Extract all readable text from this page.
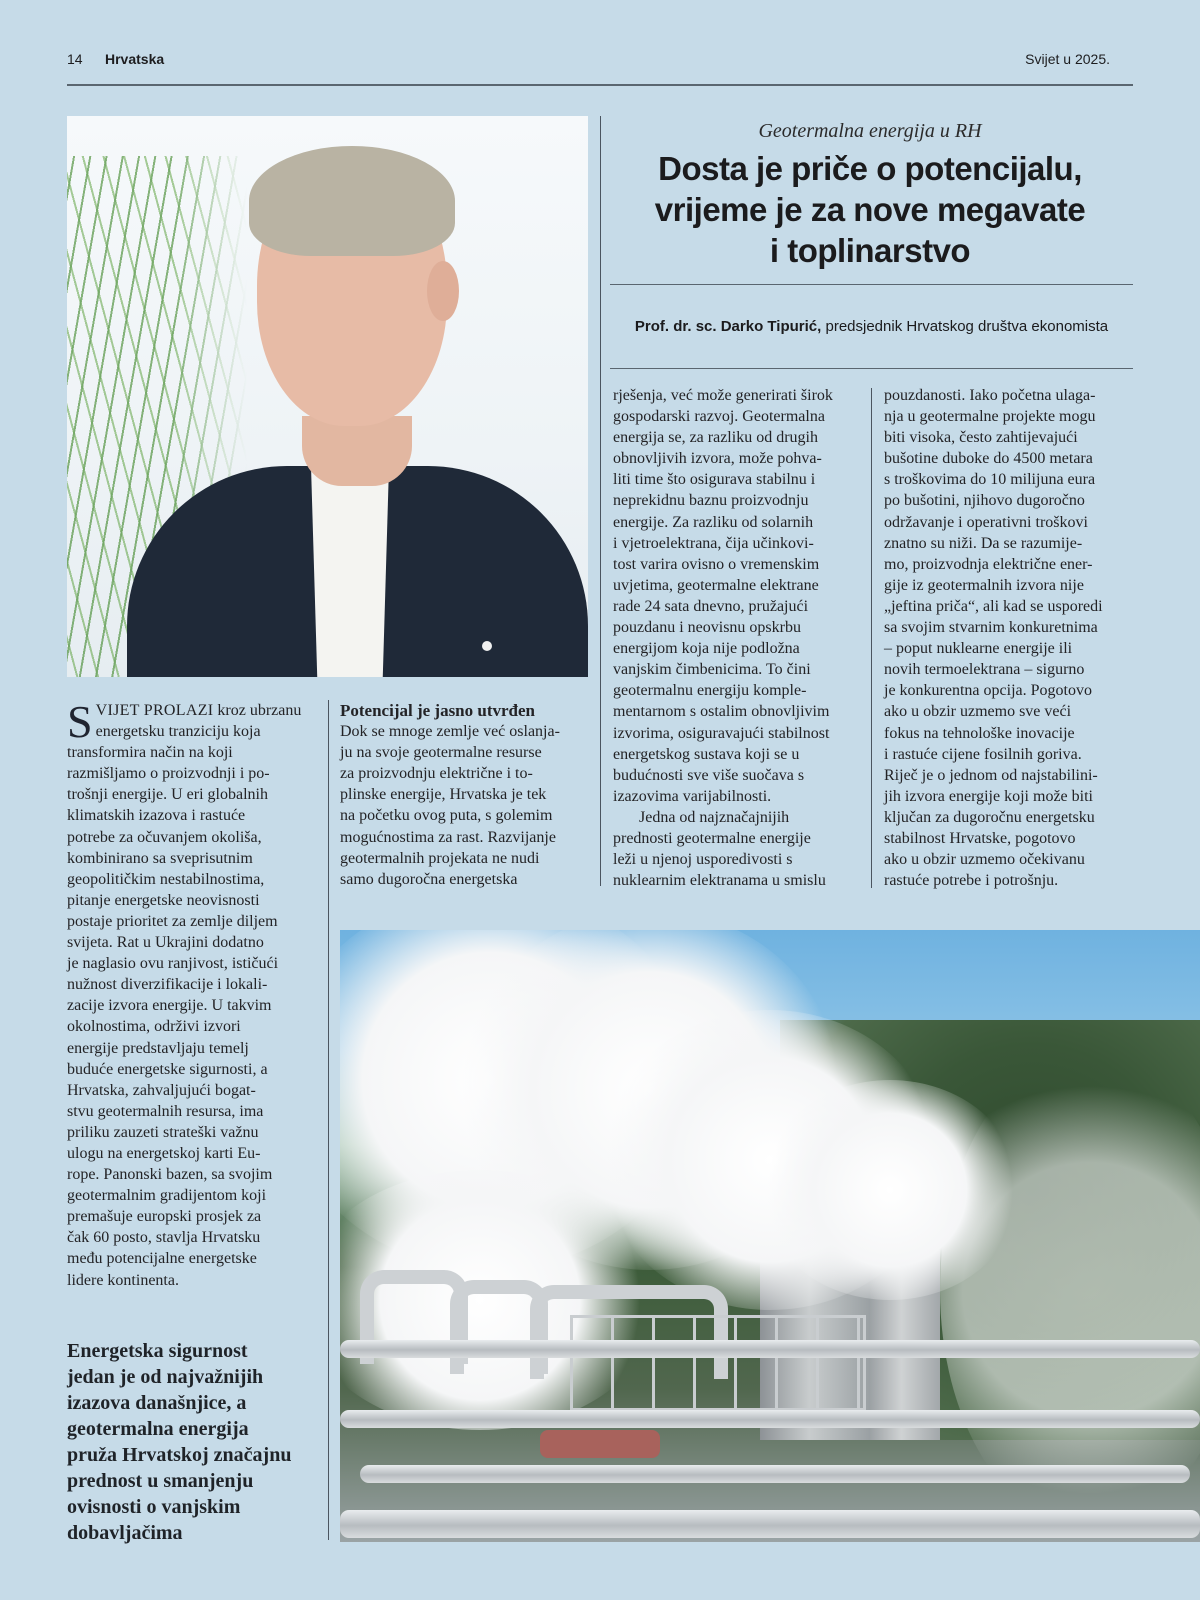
14 Hrvatska	Svijet u 2025.
Geotermalna energija u RH
Dosta je priče o potencijalu,
vrijeme je za nove megavate
i toplinarstvo
Prof. dr. sc. Darko Tipurić, predsjednik Hrvatskog društva ekonomista
S VIJET PROLAZI kroz ubrzanu
energetsku tranziciju koja
transformira način na koji
razmišljamo o proizvodnji i po-
trošnji energije. U eri globalnih
klimatskih izazova i rastuće
potrebe za očuvanjem okoliša,
kombinirano sa sveprisutnim
geopolitičkim nestabilnostima,
pitanje energetske neovisnosti
postaje prioritet za zemlje diljem
svijeta. Rat u Ukrajini dodatno
je naglasio ovu ranjivost, ističući
nužnost diverzifikacije i lokali-
zacije izvora energije. U takvim
okolnostima, održivi izvori
energije predstavljaju temelj
buduće energetske sigurnosti, a
Hrvatska, zahvaljujući bogat-
stvu geotermalnih resursa, ima
priliku zauzeti strateški važnu
ulogu na energetskoj karti Eu-
rope. Panonski bazen, sa svojim
geotermalnim gradijentom koji
premašuje europski prosjek za
čak 60 posto, stavlja Hrvatsku
među potencijalne energetske
lidere kontinenta.
Potencijal je jasno utvrđen
Dok se mnoge zemlje već oslanja-
ju na svoje geotermalne resurse
za proizvodnju električne i to-
plinske energije, Hrvatska je tek
na početku ovog puta, s golemim
mogućnostima za rast. Razvijanje
geotermalnih projekata ne nudi
samo dugoročna energetska
rješenja, već može generirati širok
gospodarski razvoj. Geotermalna
energija se, za razliku od drugih
obnovljivih izvora, može pohva-
liti time što osigurava stabilnu i
neprekidnu baznu proizvodnju
energije. Za razliku od solarnih
i vjetroelektrana, čija učinkovi-
tost varira ovisno o vremenskim
uvjetima, geotermalne elektrane
rade 24 sata dnevno, pružajući
pouzdanu i neovisnu opskrbu
energijom koja nije podložna
vanjskim čimbenicima. To čini
geotermalnu energiju komple-
mentarnom s ostalim obnovljivim
izvorima, osiguravajući stabilnost
energetskog sustava koji se u
budućnosti sve više suočava s
izazovima varijabilnosti.
Jedna od najznačajnijih
prednosti geotermalne energije
leži u njenoj usporedivosti s
nuklearnim elektranama u smislu
pouzdanosti. Iako početna ulaga-
nja u geotermalne projekte mogu
biti visoka, često zahtijevajući
bušotine duboke do 4500 metara
s troškovima do 10 milijuna eura
po bušotini, njihovo dugoročno
održavanje i operativni troškovi
znatno su niži. Da se razumije-
mo, proizvodnja električne ener-
gije iz geotermalnih izvora nije
„jeftina priča“, ali kad se usporedi
sa svojim stvarnim konkuretnima
– poput nuklearne energije ili
novih termoelektrana – sigurno
je konkurentna opcija. Pogotovo
ako u obzir uzmemo sve veći
fokus na tehnološke inovacije
i rastuće cijene fosilnih goriva.
Riječ je o jednom od najstabilini-
jih izvora energije koji može biti
ključan za dugoročnu energetsku
stabilnost Hrvatske, pogotovo
ako u obzir uzmemo očekivanu
rastuće potrebe i potrošnju.
Energetska sigurnost
jedan je od najvažnijih
izazova današnjice, a
geotermalna energija
pruža Hrvatskoj značajnu
prednost u smanjenju
ovisnosti o vanjskim
dobavljačima
